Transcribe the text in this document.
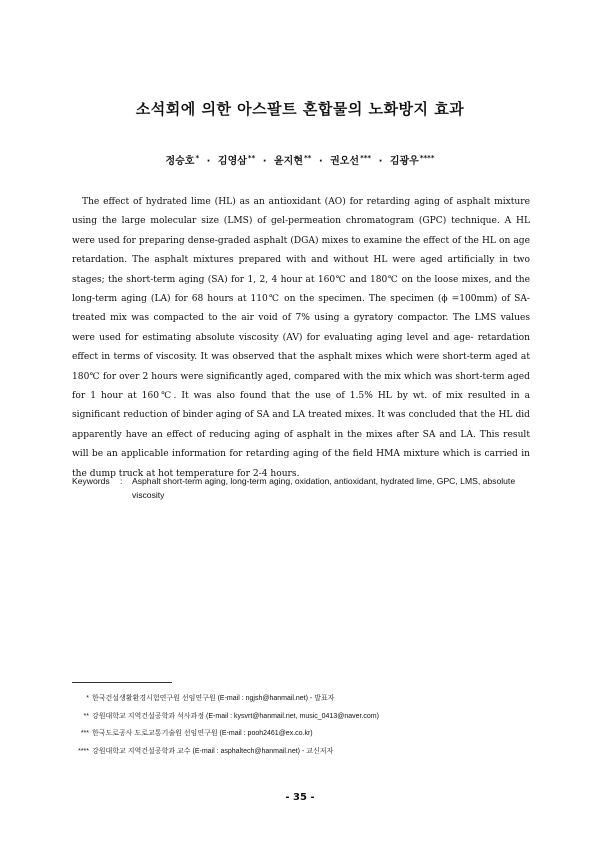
소석회에 의한 아스팔트 혼합물의 노화방지 효과
정승호* · 김영삼** · 윤지현** · 권오선*** · 김광우****

The effect of hydrated lime (HL) as an antioxidant (AO) for retarding aging of asphalt mixture using the large molecular size (LMS) of gel-permeation chromatogram (GPC) technique. A HL were used for preparing dense-graded asphalt (DGA) mixes to examine the effect of the HL on age retardation. The asphalt mixtures prepared with and without HL were aged artificially in two stages; the short-term aging (SA) for 1, 2, 4 hour at 160℃ and 180℃ on the loose mixes, and the long-term aging (LA) for 68 hours at 110℃ on the specimen. The specimen (ϕ =100mm) of SA-treated mix was compacted to the air void of 7% using a gyratory compactor. The LMS values were used for estimating absolute viscosity (AV) for evaluating aging level and age- retardation effect in terms of viscosity. It was observed that the asphalt mixes which were short-term aged at 180℃ for over 2 hours were significantly aged, compared with the mix which was short-term aged for 1 hour at 160℃. It was also found that the use of 1.5% HL by wt. of mix resulted in a significant reduction of binder aging of SA and LA treated mixes. It was concluded that the HL did apparently have an effect of reducing aging of asphalt in the mixes after SA and LA. This result will be an applicable information for retarding aging of the field HMA mixture which is carried in the dump truck at hot temperature for 2-4 hours.

Keywords	:	Asphalt short-term aging, long-term aging, oxidation, antioxidant, hydrated lime, GPC, LMS, absolute viscosity
* 한국건설생활환경시험연구원 선임연구원 (E-mail : ngjsh@hanmail.net) - 발표자
** 강원대학교 지역건설공학과 석사과정 (E-mail : kysvrt@hanmail.net, music_0413@naver.com)
*** 한국도로공사 도로교통기술원 선임연구원 (E-mail : pooh2461@ex.co.kr)
**** 강원대학교 지역건설공학과 교수 (E-mail : asphaltech@hanmail.net) - 교신저자
- 35 -
